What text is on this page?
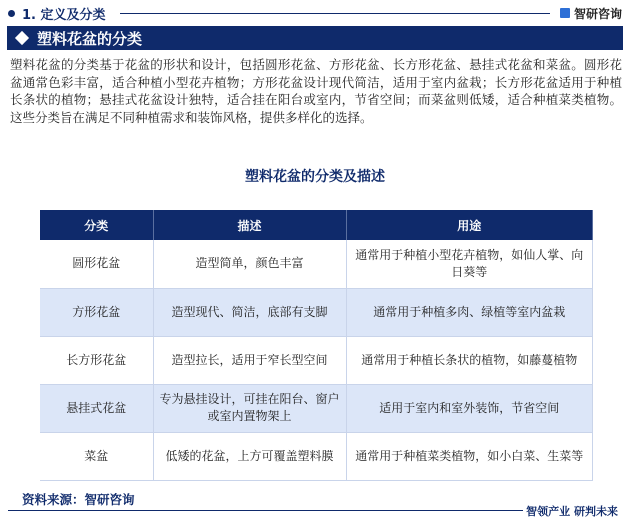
1. 定义及分类	智研咨询
塑料花盆的分类

塑料花盆的分类基于花盆的形状和设计，包括圆形花盆、方形花盆、长方形花盆、悬挂式花盆和菜盆。圆形花盆通常色彩丰富，适合种植小型花卉植物；方形花盆设计现代简洁，适用于室内盆栽；长方形花盆适用于种植长条状的植物；悬挂式花盆设计独特，适合挂在阳台或室内，节省空间；而菜盆则低矮，适合种植菜类植物。这些分类旨在满足不同种植需求和装饰风格，提供多样化的选择。

塑料花盆的分类及描述
分类	描述	用途
圆形花盆	造型简单，颜色丰富	通常用于种植小型花卉植物，如仙人掌、向日葵等
方形花盆	造型现代、简洁，底部有支脚	通常用于种植多肉、绿植等室内盆栽
长方形花盆	造型拉长，适用于窄长型空间	通常用于种植长条状的植物，如藤蔓植物
悬挂式花盆	专为悬挂设计，可挂在阳台、窗户或室内置物架上	适用于室内和室外装饰，节省空间
菜盆	低矮的花盆，上方可覆盖塑料膜	通常用于种植菜类植物，如小白菜、生菜等
资料来源：智研咨询
智领产业 研判未来
